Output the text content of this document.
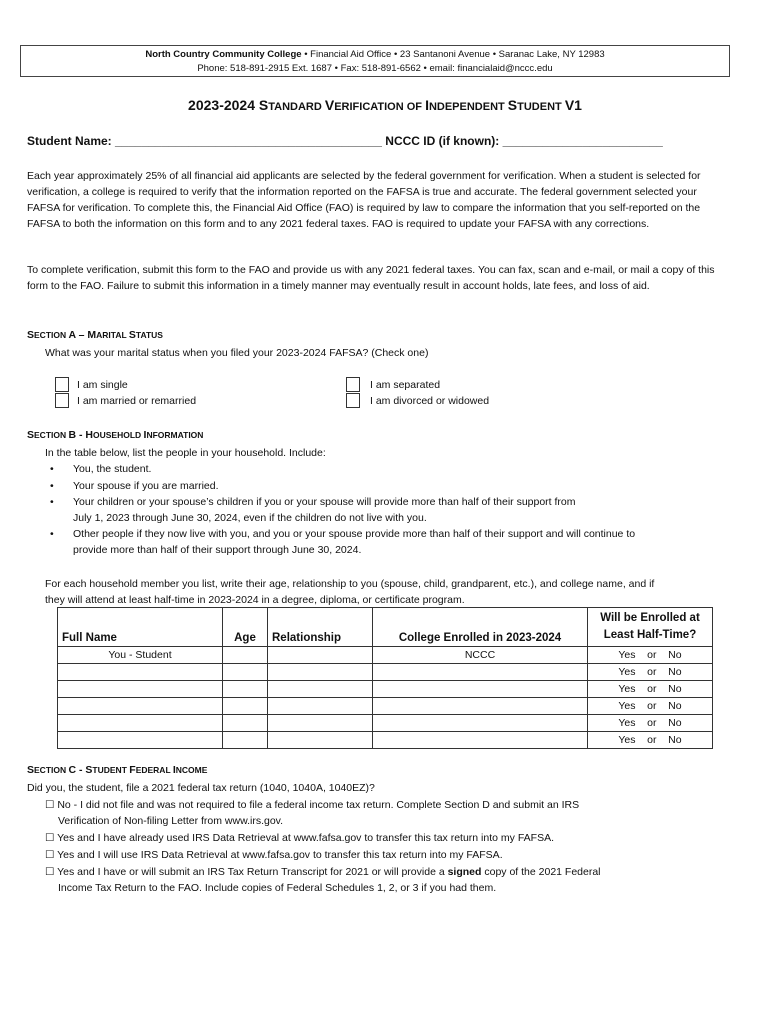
North Country Community College • Financial Aid Office • 23 Santanoni Avenue • Saranac Lake, NY 12983
Phone: 518-891-2915 Ext. 1687 • Fax: 518-891-6562 • email: financialaid@nccc.edu
2023-2024 STANDARD VERIFICATION OF INDEPENDENT STUDENT V1
Student Name: ________________________________________ NCCC ID (if known): ________________________
Each year approximately 25% of all financial aid applicants are selected by the federal government for verification. When a student is selected for verification, a college is required to verify that the information reported on the FAFSA is true and accurate. The federal government selected your FAFSA for verification. To complete this, the Financial Aid Office (FAO) is required by law to compare the information that you self-reported on the FAFSA to both the information on this form and to any 2021 federal taxes. FAO is required to update your FAFSA with any corrections.
To complete verification, submit this form to the FAO and provide us with any 2021 federal taxes. You can fax, scan and e-mail, or mail a copy of this form to the FAO. Failure to submit this information in a timely manner may eventually result in account holds, late fees, and loss of aid.
SECTION A – MARITAL STATUS
What was your marital status when you filed your 2023-2024 FAFSA? (Check one)
I am single
I am married or remarried
I am separated
I am divorced or widowed
SECTION B - HOUSEHOLD INFORMATION
In the table below, list the people in your household. Include:
• You, the student.
• Your spouse if you are married.
• Your children or your spouse’s children if you or your spouse will provide more than half of their support from
July 1, 2023 through June 30, 2024, even if the children do not live with you.
• Other people if they now live with you, and you or your spouse provide more than half of their support and will continue to
provide more than half of their support through June 30, 2024.
For each household member you list, write their age, relationship to you (spouse, child, grandparent, etc.), and college name, and if
they will attend at least half-time in 2023-2024 in a degree, diploma, or certificate program.
Full Name	Age	Relationship	College Enrolled in 2023-2024	Will be Enrolled at
Least Half-Time?

You - Student			NCCC	Yes    or    No
				Yes    or    No
				Yes    or    No
				Yes    or    No
				Yes    or    No
				Yes    or    No
SECTION C - STUDENT FEDERAL INCOME
Did you, the student, file a 2021 federal tax return (1040, 1040A, 1040EZ)?
☐ No - I did not file and was not required to file a federal income tax return. Complete Section D and submit an IRS
Verification of Non-filing Letter from www.irs.gov.
☐ Yes and I have already used IRS Data Retrieval at www.fafsa.gov to transfer this tax return into my FAFSA.
☐ Yes and I will use IRS Data Retrieval at www.fafsa.gov to transfer this tax return into my FAFSA.
☐ Yes and I have or will submit an IRS Tax Return Transcript for 2021 or will provide a signed copy of the 2021 Federal
Income Tax Return to the FAO. Include copies of Federal Schedules 1, 2, or 3 if you had them.
